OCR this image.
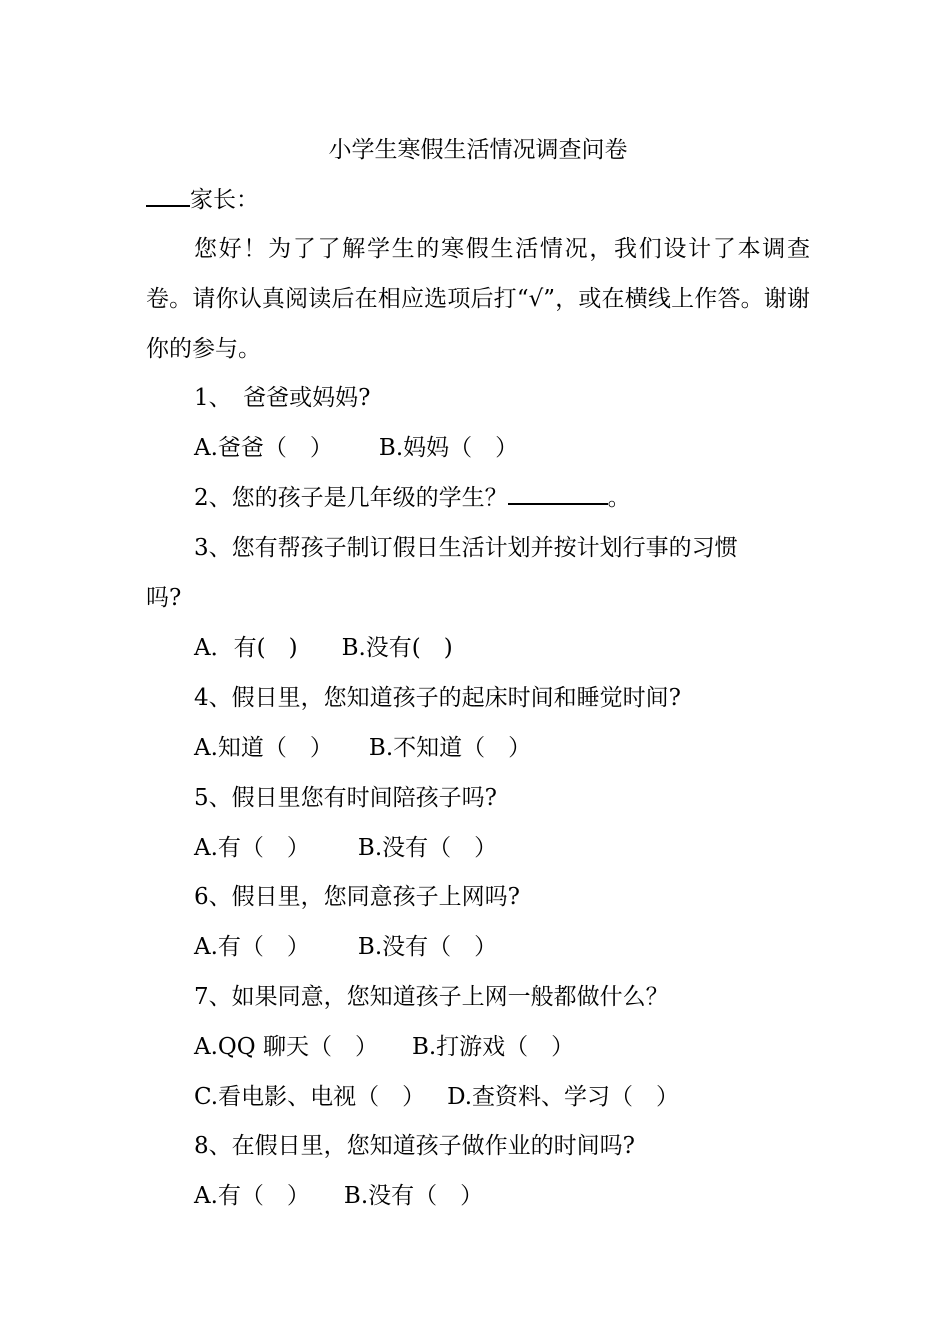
小学生寒假生活情况调查问卷
家长：
您好！为了了解学生的寒假生活情况，我们设计了本调查卷。请你认真阅读后在相应选项后打“√”，或在横线上作答。谢谢你的参与。
1、　爸爸或妈妈?
A.爸爸（　） B.妈妈（　）
2、您的孩子是几年级的学生？	。
3、您有帮孩子制订假日生活计划并按计划行事的习惯
吗?
A．有(　) B.没有(　)
4、假日里，您知道孩子的起床时间和睡觉时间?
A.知道（　） B.不知道（　）
5、假日里您有时间陪孩子吗?
A.有（　） B.没有（　）
6、假日里，您同意孩子上网吗?
A.有（　） B.没有（　）
7、如果同意，您知道孩子上网一般都做什么？
A.QQ 聊天（　） B.打游戏（　）
C.看电影、电视（　） D.查资料、学习（　）
8、在假日里，您知道孩子做作业的时间吗?
A.有（　） B.没有（　）
